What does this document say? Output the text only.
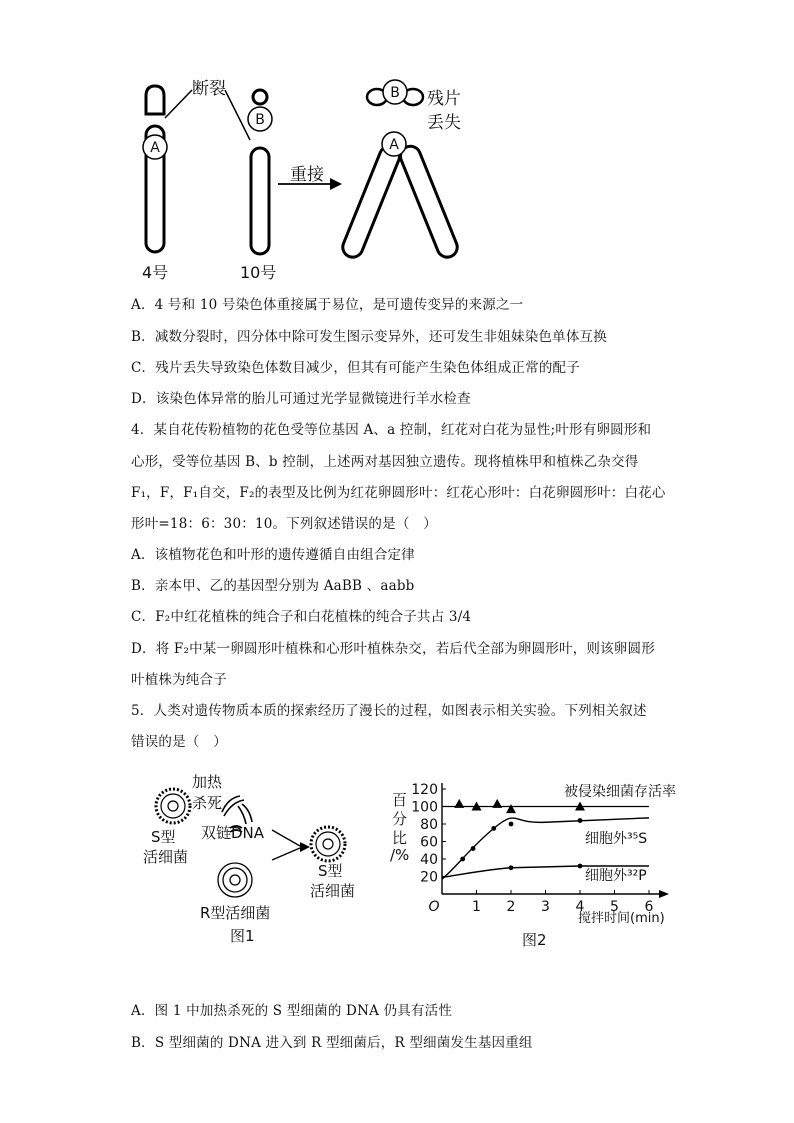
A
B
B
A
断裂	残片
丢失
重接
4号	10号
A．4 号和 10 号染色体重接属于易位，是可遗传变异的来源之一
B．减数分裂时，四分体中除可发生图示变异外，还可发生非姐妹染色单体互换
C．残片丢失导致染色体数目减少，但其有可能产生染色体组成正常的配子
D．该染色体异常的胎儿可通过光学显微镜进行羊水检查
4．某自花传粉植物的花色受等位基因 A、a 控制，红花对白花为显性;叶形有卵圆形和
心形，受等位基因 B、b 控制，上述两对基因独立遗传。现将植株甲和植株乙杂交得
F₁，F，F₁自交，F₂的表型及比例为红花卵圆形叶：红花心形叶：白花卵圆形叶：白花心
形叶=18：6：30：10。下列叙述错误的是（　）
A．该植物花色和叶形的遗传遵循自由组合定律
B．亲本甲、乙的基因型分别为 AaBB 、aabb
C．F₂中红花植株的纯合子和白花植株的纯合子共占 3/4
D．将 F₂中某一卵圆形叶植株和心形叶植株杂交，若后代全部为卵圆形叶，则该卵圆形
叶植株为纯合子
5．人类对遗传物质本质的探索经历了漫长的过程，如图表示相关实验。下列相关叙述
错误的是（　）
加热
杀死
双链DNA
S型
活细菌
S型
活细菌
R型活细菌
图1
20
40
60
80
100
120
1 2 3 4 5 6
O
百
分
比
/%
被侵染细菌存活率
细胞外³⁵S
细胞外³²P
搅拌时间(min)
图2
A．图 1 中加热杀死的 S 型细菌的 DNA 仍具有活性
B．S 型细菌的 DNA 进入到 R 型细菌后，R 型细菌发生基因重组
